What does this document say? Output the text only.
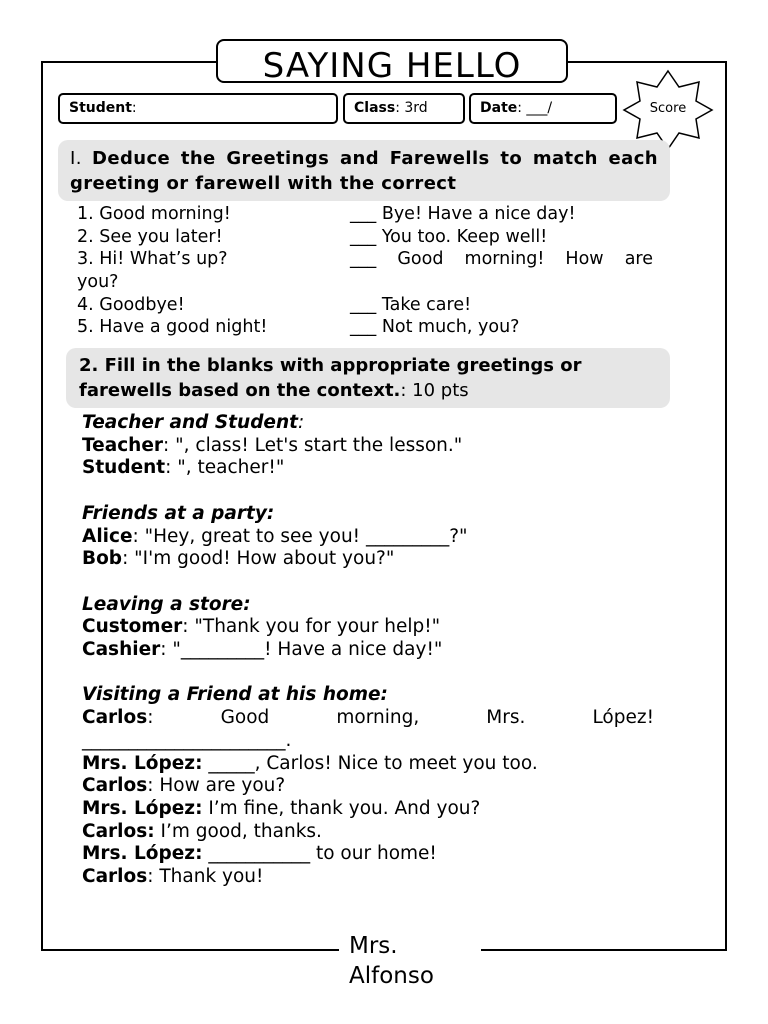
SAYING HELLO
Student:	Class: 3rd	Date: ___/	Score
I. Deduce the Greetings and Farewells to match each greeting or farewell with the correct
1. Good morning!	___ Bye! Have a nice day!
2. See you later!	___ You too. Keep well!
3. Hi! What’s up?	___ Good morning! How are
you?
4. Goodbye!	___ Take care!
5. Have a good night!	___ Not much, you?
2. Fill in the blanks with appropriate greetings or farewells based on the context.: 10 pts

Teacher and Student:

Teacher: ", class! Let's start the lesson."

Student: ", teacher!"

Friends at a party:

Alice: "Hey, great to see you! _________?"

Bob: "I'm good! How about you?"

Leaving a store:

Customer: "Thank you for your help!"

Cashier: "_________! Have a nice day!"

Visiting a Friend at his home:

Carlos: Good morning, Mrs. López!

______________________.

Mrs. López: _____, Carlos! Nice to meet you too.

Carlos: How are you?

Mrs. López: I’m fine, thank you. And you?

Carlos: I’m good, thanks.

Mrs. López: ___________ to our home!

Carlos: Thank you!

Mrs. Alfonso
